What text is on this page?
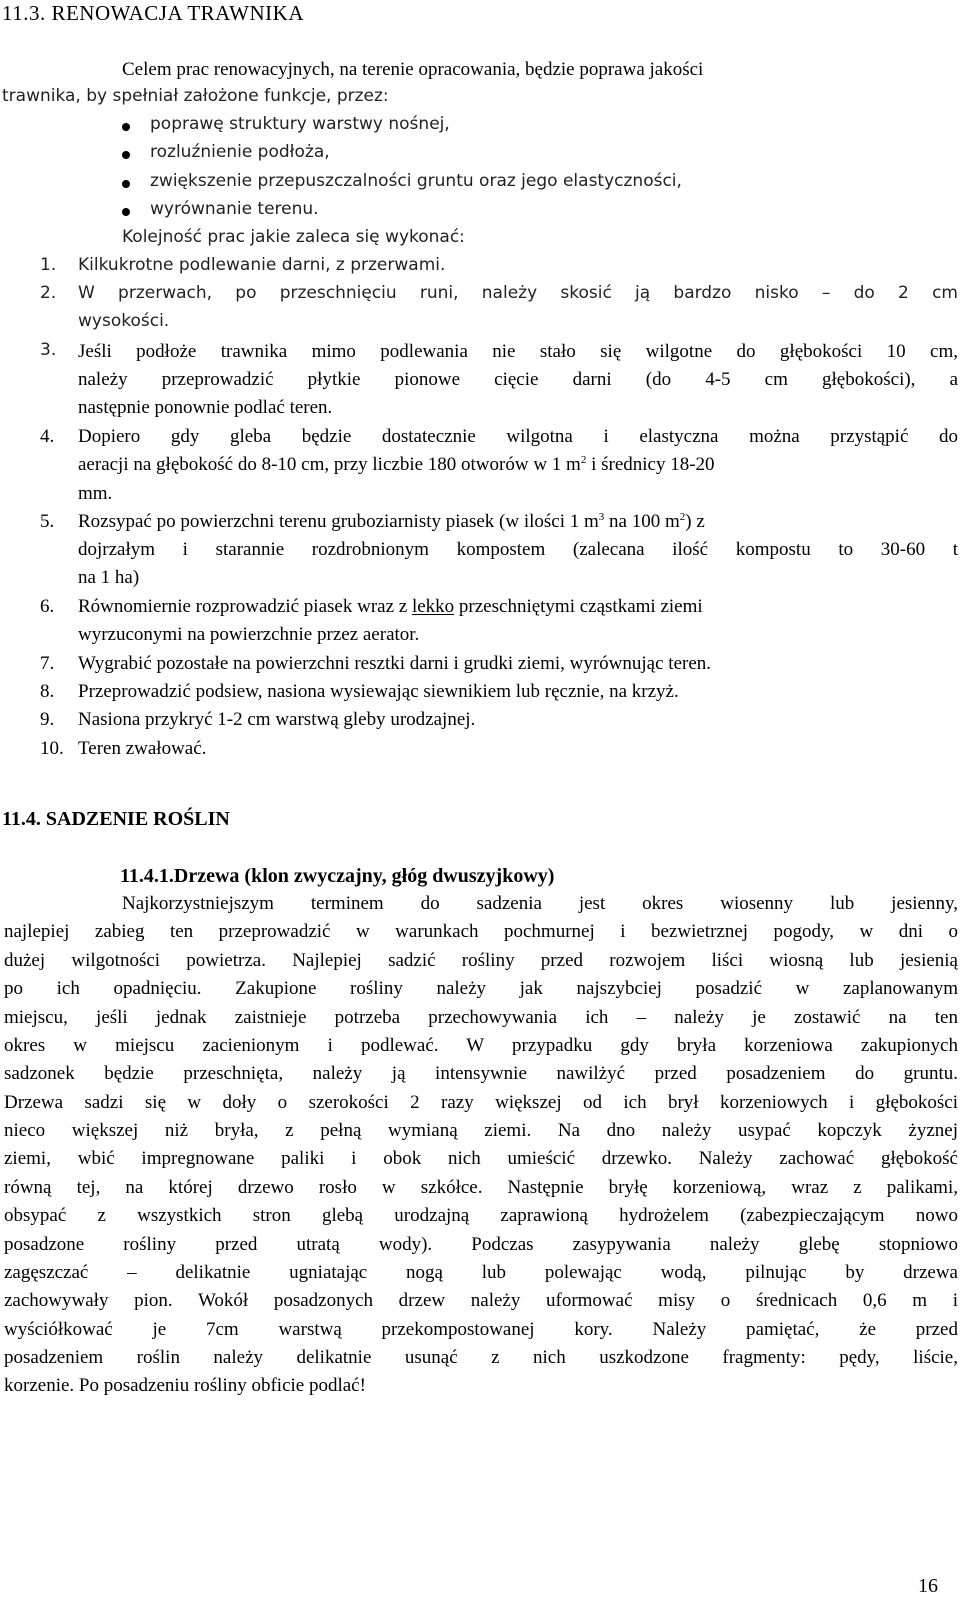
11.3. RENOWACJA TRAWNIKA
Celem prac renowacyjnych, na terenie opracowania, będzie poprawa jakości
trawnika, by spełniał założone funkcje, przez:
poprawę struktury warstwy nośnej,
rozluźnienie podłoża,
zwiększenie przepuszczalności gruntu oraz jego elastyczności,
wyrównanie terenu.
Kolejność prac jakie zaleca się wykonać:
1. Kilkukrotne podlewanie darni, z przerwami.
2. W przerwach, po przeschnięciu runi, należy skosić ją bardzo nisko – do 2 cm
wysokości.
3. Jeśli podłoże trawnika mimo podlewania nie stało się wilgotne do głębokości 10 cm,
należy przeprowadzić płytkie pionowe cięcie darni (do 4-5 cm głębokości), a
następnie ponownie podlać teren.
4. Dopiero gdy gleba będzie dostatecznie wilgotna i elastyczna można przystąpić do
aeracji na głębokość do 8-10 cm, przy liczbie 180 otworów w 1 $m^2$ i średnicy 18-20
mm.
5. Rozsypać po powierzchni terenu gruboziarnisty piasek (w ilości 1 $m^3$ na 100 $m^2$) z
dojrzałym i starannie rozdrobnionym kompostem (zalecana ilość kompostu to 30-60 t
na 1 ha)
6. Równomiernie rozprowadzić piasek wraz z lekko przeschniętymi cząstkami ziemi
wyrzuconymi na powierzchnie przez aerator.
7. Wygrabić pozostałe na powierzchni resztki darni i grudki ziemi, wyrównując teren.
8. Przeprowadzić podsiew, nasiona wysiewając siewnikiem lub ręcznie, na krzyż.
9. Nasiona przykryć 1-2 cm warstwą gleby urodzajnej.
10. Teren zwałować.
11.4. SADZENIE ROŚLIN
11.4.1.Drzewa (klon zwyczajny, głóg dwuszyjkowy)
Najkorzystniejszym terminem do sadzenia jest okres wiosenny lub jesienny,
najlepiej zabieg ten przeprowadzić w warunkach pochmurnej i bezwietrznej pogody, w dni o
dużej wilgotności powietrza. Najlepiej sadzić rośliny przed rozwojem liści wiosną lub jesienią
po ich opadnięciu. Zakupione rośliny należy jak najszybciej posadzić w zaplanowanym
miejscu, jeśli jednak zaistnieje potrzeba przechowywania ich – należy je zostawić na ten
okres w miejscu zacienionym i podlewać. W przypadku gdy bryła korzeniowa zakupionych
sadzonek będzie przeschnięta, należy ją intensywnie nawilżyć przed posadzeniem do gruntu.
Drzewa sadzi się w doły o szerokości 2 razy większej od ich brył korzeniowych i głębokości
nieco większej niż bryła, z pełną wymianą ziemi. Na dno należy usypać kopczyk żyznej
ziemi, wbić impregnowane paliki i obok nich umieścić drzewko. Należy zachować głębokość
równą tej, na której drzewo rosło w szkółce. Następnie bryłę korzeniową, wraz z palikami,
obsypać z wszystkich stron glebą urodzajną zaprawioną hydrożelem (zabezpieczającym nowo
posadzone rośliny przed utratą wody). Podczas zasypywania należy glebę stopniowo
zagęszczać – delikatnie ugniatając nogą lub polewając wodą, pilnując by drzewa
zachowywały pion. Wokół posadzonych drzew należy uformować misy o średnicach 0,6 m i
wyściółkować je 7cm warstwą przekompostowanej kory. Należy pamiętać, że przed
posadzeniem roślin należy delikatnie usunąć z nich uszkodzone fragmenty: pędy, liście,
korzenie. Po posadzeniu rośliny obficie podlać!
16
